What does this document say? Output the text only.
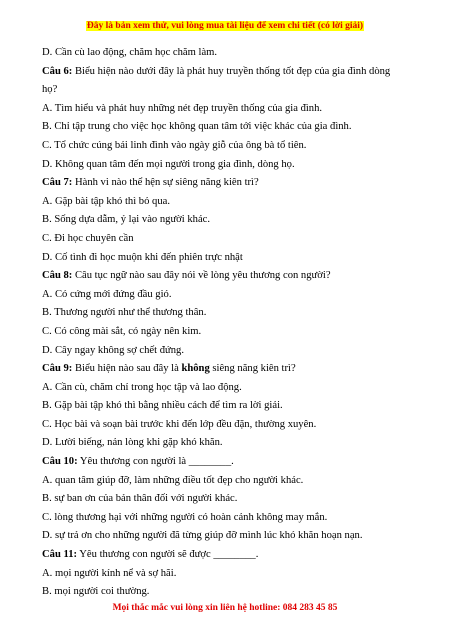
Đây là bản xem thử, vui lòng mua tài liệu để xem chi tiết (có lời giải)

D. Cần cù lao động, chăm học chăm làm.

Câu 6: Biểu hiện nào dưới đây là phát huy truyền thống tốt đẹp của gia đình dòng

họ?

A. Tìm hiểu và phát huy những nét đẹp truyền thống của gia đình.

B. Chỉ tập trung cho việc học không quan tâm tới việc khác của gia đình.

C. Tổ chức cúng bái linh đình vào ngày giỗ của ông bà tổ tiên.

D. Không quan tâm đến mọi người trong gia đình, dòng họ.

Câu 7: Hành vi nào thể hện sự siêng năng kiên trì?

A. Gặp bài tập khó thì bỏ qua.

B. Sống dựa dẫm, ỷ lại vào người khác.

C. Đi học chuyên cần

D. Cố tình đi học muộn khi đến phiên trực nhật

Câu 8: Câu tục ngữ nào sau đây nói về lòng yêu thương con người?

A. Có cứng mới đứng đầu gió.

B. Thương người như thể thương thân.

C. Có công mài sắt, có ngày nên kim.

D. Cây ngay không sợ chết đứng.

Câu 9: Biểu hiện nào sau đây là không siêng năng kiên trì?

A. Cần cù, chăm chỉ trong học tập và lao động.

B. Gặp bài tập khó thì bằng nhiều cách để tìm ra lời giải.

C. Học bài và soạn bài trước khi đến lớp đều đặn, thường xuyên.

D. Lười biếng, nản lòng khi gặp khó khăn.

Câu 10: Yêu thương con người là ________.

A. quan tâm giúp đỡ, làm những điều tốt đẹp cho người khác.

B. sự ban ơn của bản thân đối với người khác.

C. lòng thương hại với những người có hoàn cảnh không may mắn.

D. sự trả ơn cho những người đã từng giúp đỡ mình lúc khó khăn hoạn nạn.

Câu 11: Yêu thương con người sẽ được ________.

A. mọi người kính nể và sợ hãi.

B. mọi người coi thường.

Mọi thắc mắc vui lòng xin liên hệ hotline: 084 283 45 85
